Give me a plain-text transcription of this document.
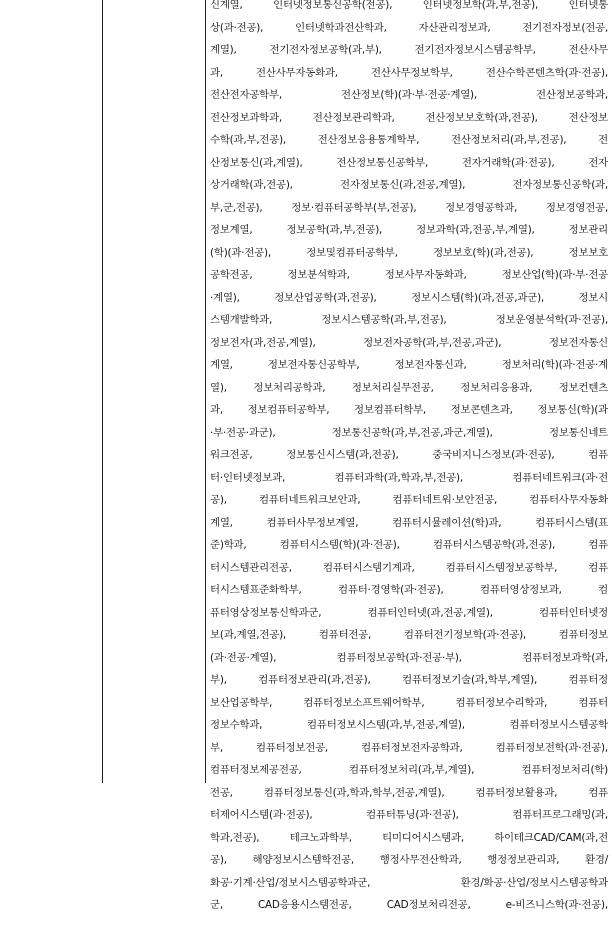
신계열, 인터넷정보통신공학(전공), 인터넷정보학(과,부,전공), 인터넷통
상(과·전공), 인터넷학과전산학과, 자산관리정보과, 전기전자정보(전공,
계열), 전기전자정보공학(과,부), 전기전자정보시스템공학부, 전산사무
과, 전산사무자동화과, 전산사무정보학부, 전산수학콘텐츠학(과·전공),
전산전자공학부, 전산정보(학)(과·부·전공·계열), 전산정보공학과,
전산정보과학과, 전산정보관리학과, 전산정보보호학(과,전공), 전산정보
수학(과,부,전공), 전산정보응용통계학부, 전산정보처리(과,부,전공), 전
산정보통신(과,계열), 전산정보통신공학부, 전자거래학(과·전공), 전자
상거래학(과,전공), 전자정보통신(과,전공,계열), 전자정보통신공학(과,
부,군,전공), 정보·컴퓨터공학부(부,전공), 정보경영공학과, 정보경영전공,
정보계열, 정보공학(과,부,전공), 정보과학(과,전공,부,계열), 정보관리
(학)(과·전공), 정보및컴퓨터공학부, 정보보호(학)(과,전공), 정보보호
공학전공, 정보분석학과, 정보사무자동화과, 정보산업(학)(과·부·전공
·계열), 정보산업공학(과,전공), 정보시스템(학)(과,전공,과군), 정보시
스템개발학과, 정보시스템공학(과,부,전공), 정보운영분석학(과·전공),
정보전자(과,전공,계열), 정보전자공학(과,부,전공,과군), 정보전자통신
계열, 정보전자통신공학부, 정보전자통신과, 정보처리(학)(과·전공·계
열), 정보처리공학과, 정보처리실무전공, 정보처리응용과, 정보컨텐츠
과, 정보컴퓨터공학부, 정보컴퓨터학부, 정보콘텐츠과, 정보통신(학)(과
·부·전공·과군), 정보통신공학(과,부,전공,과군,계열), 정보통신네트
워크전공, 정보통신시스템(과,전공), 중국비지니스정보(과·전공), 컴퓨
터·인터넷정보과, 컴퓨터과학(과,학과,부,전공), 컴퓨터네트워크(과·전
공), 컴퓨터네트워크보안과, 컴퓨터네트워·보안전공, 컴퓨터사무자동화
계열, 컴퓨터사무정보계열, 컴퓨터시뮬레이션(학)과, 컴퓨터시스템(표
준)학과, 컴퓨터시스템(학)(과·전공), 컴퓨터시스템공학(과,전공), 컴퓨
터시스템관리전공, 컴퓨터시스템기계과, 컴퓨터시스템정보공학부, 컴퓨
터시스템표준화학부, 컴퓨터·경영학(과·전공), 컴퓨터영상정보과, 컴
퓨터영상정보통신학과군, 컴퓨터인터넷(과,전공,계열), 컴퓨터인터넷정
보(과,계열,전공), 컴퓨터전공, 컴퓨터전기정보학(과·전공), 컴퓨터정보
(과·전공·계열), 컴퓨터정보공학(과·전공·부), 컴퓨터정보과학(과,
부), 컴퓨터정보관리(과,전공), 컴퓨터정보기술(과,학부,계열), 컴퓨터정
보산업공학부, 컴퓨터정보소프트웨어학부, 컴퓨터정보수리학과, 컴퓨터
정보수학과, 컴퓨터정보시스템(과,부,전공,계열), 컴퓨터정보시스템공학
부, 컴퓨터정보전공, 컴퓨터정보전자공학과, 컴퓨터정보전학(과·전공),
컴퓨터정보제공전공, 컴퓨터정보처리(과,부,계열), 컴퓨터정보처리(학)
전공, 컴퓨터정보통신(과,학과,학부,전공,계열), 컴퓨터정보활용과, 컴퓨
터제어시스템(과·전공), 컴퓨터튜닝(과·전공), 컴퓨터프로그래밍(과,
학과,전공), 테크노과학부, 티미디어시스템과, 하이테크CAD/CAM(과,전
공), 해양정보시스템학전공, 행정사무전산학과, 행정정보관리과, 환경/
화공·기계·산업/정보시스템공학과군, 환경/화공·산업/정보시스템공학과
군, CAD응용시스템전공, CAD정보처리전공, e-비즈니스학(과·전공),
